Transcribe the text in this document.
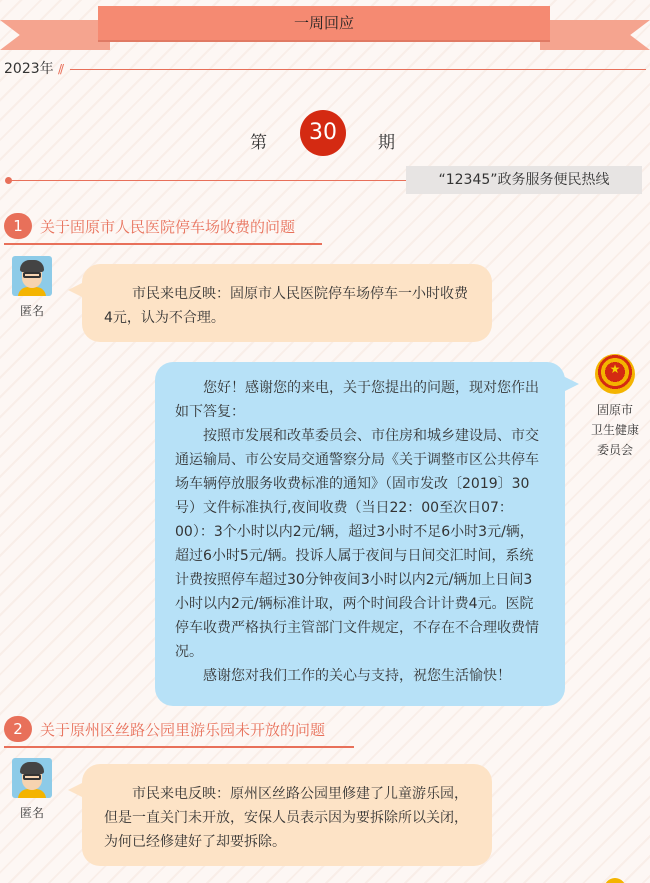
一周回应
2023年 //
第	30	期
“12345”政务服务便民热线
1	关于固原市人民医院停车场收费的问题
匿名

市民来电反映：固原市人民医院停车场停车一小时收费4元，认为不合理。

您好！感谢您的来电，关于您提出的问题，现对您作出如下答复：

按照市发展和改革委员会、市住房和城乡建设局、市交通运输局、市公安局交通警察分局《关于调整市区公共停车场车辆停放服务收费标准的通知》（固市发改〔2019〕30号）文件标准执行,夜间收费（当日22：00至次日07：00）：3个小时以内2元/辆，超过3小时不足6小时3元/辆，超过6小时5元/辆。投诉人属于夜间与日间交汇时间，系统计费按照停车超过30分钟夜间3小时以内2元/辆加上日间3小时以内2元/辆标准计取，两个时间段合计计费4元。医院停车收费严格执行主管部门文件规定，不存在不合理收费情况。

感谢您对我们工作的关心与支持，祝您生活愉快！

★
固原市
卫生健康
委员会
2	关于原州区丝路公园里游乐园未开放的问题
匿名

市民来电反映：原州区丝路公园里修建了儿童游乐园，但是一直关门未开放，安保人员表示因为要拆除所以关闭，为何已经修建好了却要拆除。
